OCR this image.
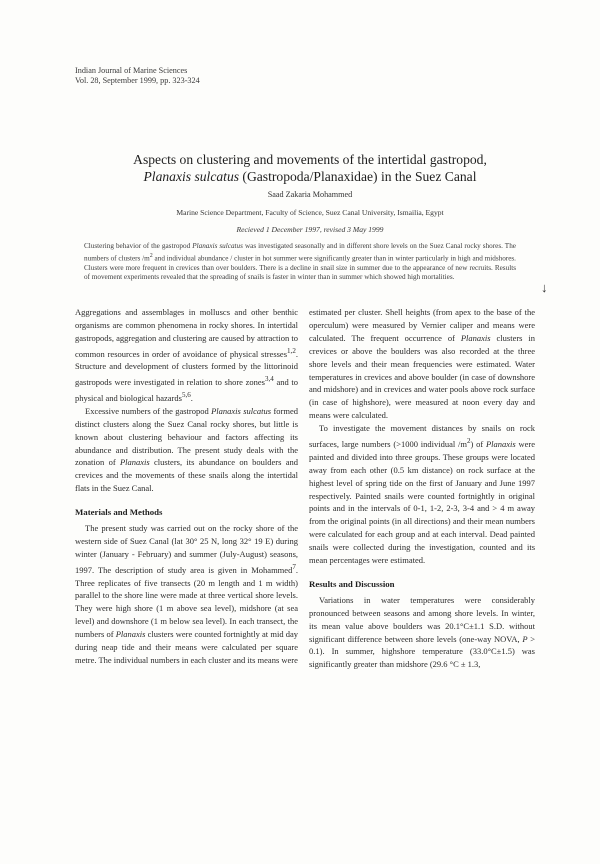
Indian Journal of Marine Sciences
Vol. 28, September 1999, pp. 323-324
Aspects on clustering and movements of the intertidal gastropod,
Planaxis sulcatus (Gastropoda/Planaxidae) in the Suez Canal
Saad Zakaria Mohammed
Marine Science Department, Faculty of Science, Suez Canal University, Ismailia, Egypt
Recieved 1 December 1997, revised 3 May 1999
Clustering behavior of the gastropod Planaxis sulcatus was investigated seasonally and in different shore levels on the Suez Canal rocky shores. The numbers of clusters $/m^2$ and individual abundance / cluster in hot summer were significantly greater than in winter particularly in high and midshores. Clusters were more frequent in crevices than over boulders. There is a decline in snail size in summer due to the appearance of new recruits. Results of movement experiments revealed that the spreading of snails is faster in winter than in summer which showed high mortalities.
↓

Aggregations and assemblages in molluscs and other benthic organisms are common phenomena in rocky shores. In intertidal gastropods, aggregation and clustering are caused by attraction to common resources in order of avoidance of physical stresses$^{1,2}$. Structure and development of clusters formed by the littorinoid gastropods were investigated in relation to shore zones$^{3,4}$ and to physical and biological hazards$^{5,6}$.

Excessive numbers of the gastropod Planaxis sulcatus formed distinct clusters along the Suez Canal rocky shores, but little is known about clustering behaviour and factors affecting its abundance and distribution. The present study deals with the zonation of Planaxis clusters, its abundance on boulders and crevices and the movements of these snails along the intertidal flats in the Suez Canal.

Materials and Methods

The present study was carried out on the rocky shore of the western side of Suez Canal (lat 30° 25 N, long 32° 19 E) during winter (January - February) and summer (July-August) seasons, 1997. The description of study area is given in Mohammed$^7$. Three replicates of five transects (20 m length and 1 m width) parallel to the shore line were made at three vertical shore levels. They were high shore (1 m above sea level), midshore (at sea level) and downshore (1 m below sea level). In each transect, the numbers of Planaxis clusters were counted fortnightly at mid day during neap tide and their means were calculated per square metre. The individual numbers in each cluster and its means were

estimated per cluster. Shell heights (from apex to the base of the operculum) were measured by Vernier caliper and means were calculated. The frequent occurrence of Planaxis clusters in crevices or above the boulders was also recorded at the three shore levels and their mean frequencies were estimated. Water temperatures in crevices and above boulder (in case of downshore and midshore) and in crevices and water pools above rock surface (in case of highshore), were measured at noon every day and means were calculated.

To investigate the movement distances by snails on rock surfaces, large numbers (>1000 individual $/m^2$) of Planaxis were painted and divided into three groups. These groups were located away from each other (0.5 km distance) on rock surface at the highest level of spring tide on the first of January and June 1997 respectively. Painted snails were counted fortnightly in original points and in the intervals of 0-1, 1-2, 2-3, 3-4 and > 4 m away from the original points (in all directions) and their mean numbers were calculated for each group and at each interval. Dead painted snails were collected during the investigation, counted and its mean percentages were estimated.

Results and Discussion

Variations in water temperatures were considerably pronounced between seasons and among shore levels. In winter, its mean value above boulders was 20.1°C±1.1 S.D. without significant difference between shore levels (one-way NOVA, P > 0.1). In summer, highshore temperature (33.0°C±1.5) was significantly greater than midshore (29.6 °C ± 1.3,
